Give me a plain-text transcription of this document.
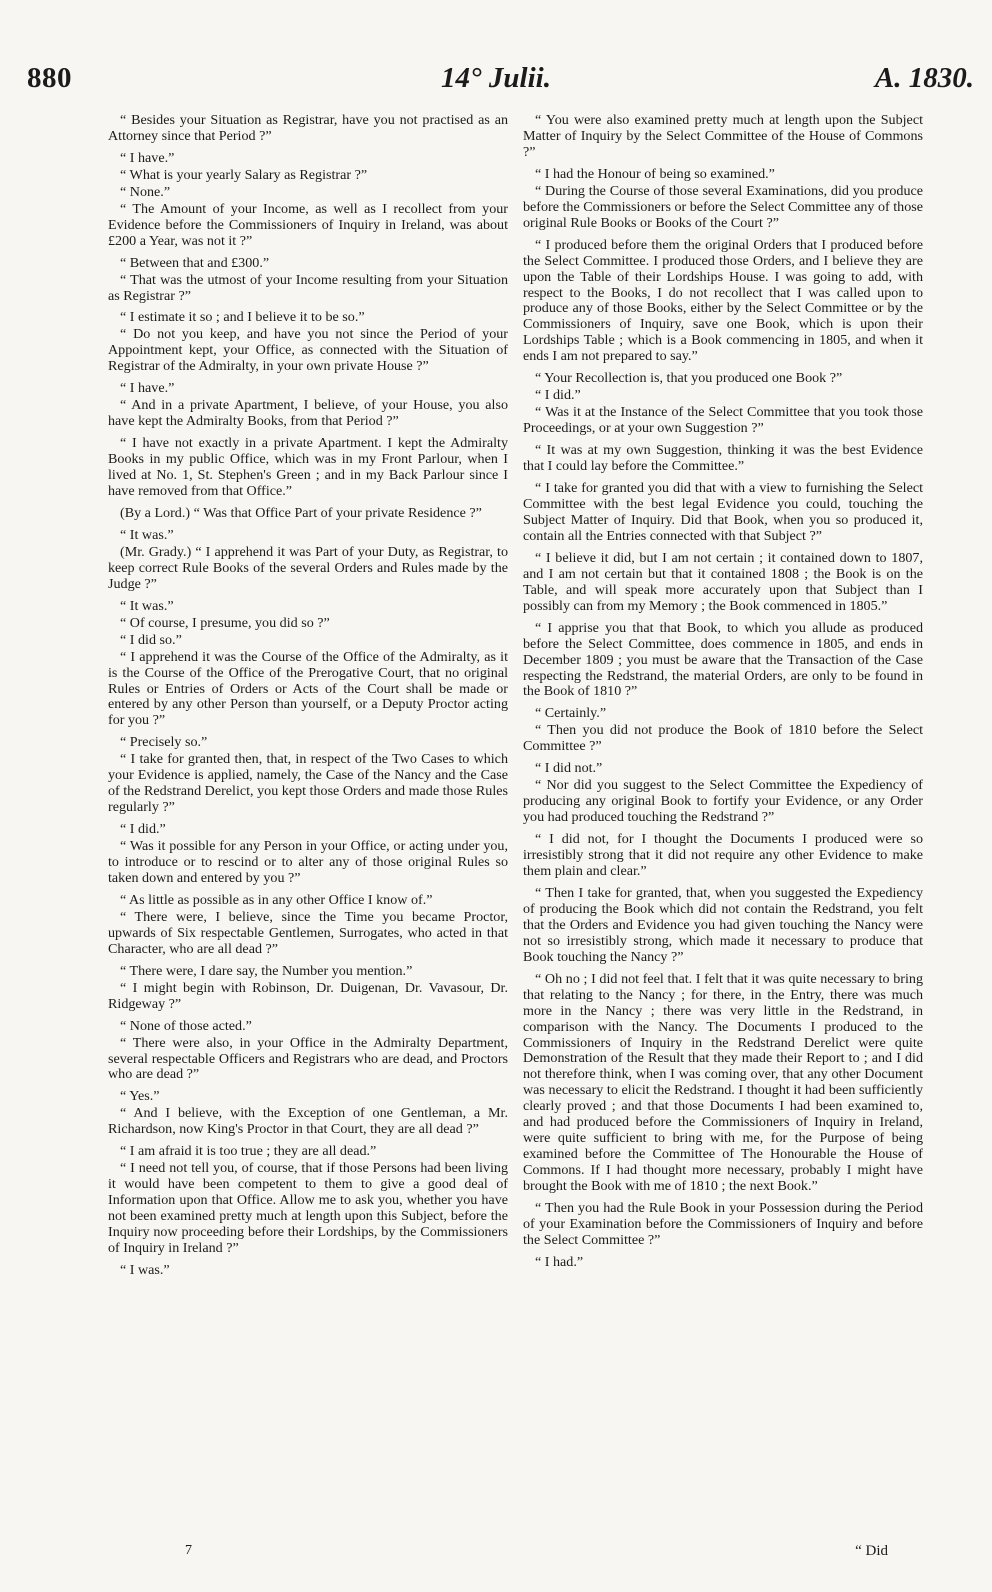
880	14° Julii.	A. 1830.

“ Besides your Situation as Registrar, have you not practised as an Attorney since that Period ?”

“ I have.”

“ What is your yearly Salary as Registrar ?”

“ None.”

“ The Amount of your Income, as well as I recollect from your Evidence before the Commissioners of Inquiry in Ireland, was about £200 a Year, was not it ?”

“ Between that and £300.”

“ That was the utmost of your Income resulting from your Situation as Registrar ?”

“ I estimate it so ; and I believe it to be so.”

“ Do not you keep, and have you not since the Period of your Appointment kept, your Office, as connected with the Situation of Registrar of the Admiralty, in your own private House ?”

“ I have.”

“ And in a private Apartment, I believe, of your House, you also have kept the Admiralty Books, from that Period ?”

“ I have not exactly in a private Apartment. I kept the Admiralty Books in my public Office, which was in my Front Parlour, when I lived at No. 1, St. Stephen's Green ; and in my Back Parlour since I have removed from that Office.”

(By a Lord.) “ Was that Office Part of your private Residence ?”

“ It was.”

(Mr. Grady.) “ I apprehend it was Part of your Duty, as Registrar, to keep correct Rule Books of the several Orders and Rules made by the Judge ?”

“ It was.”

“ Of course, I presume, you did so ?”

“ I did so.”

“ I apprehend it was the Course of the Office of the Admiralty, as it is the Course of the Office of the Prerogative Court, that no original Rules or Entries of Orders or Acts of the Court shall be made or entered by any other Person than yourself, or a Deputy Proctor acting for you ?”

“ Precisely so.”

“ I take for granted then, that, in respect of the Two Cases to which your Evidence is applied, namely, the Case of the Nancy and the Case of the Redstrand Derelict, you kept those Orders and made those Rules regularly ?”

“ I did.”

“ Was it possible for any Person in your Office, or acting under you, to introduce or to rescind or to alter any of those original Rules so taken down and entered by you ?”

“ As little as possible as in any other Office I know of.”

“ There were, I believe, since the Time you became Proctor, upwards of Six respectable Gentlemen, Surrogates, who acted in that Character, who are all dead ?”

“ There were, I dare say, the Number you mention.”

“ I might begin with Robinson, Dr. Duigenan, Dr. Vavasour, Dr. Ridgeway ?”

“ None of those acted.”

“ There were also, in your Office in the Admiralty Department, several respectable Officers and Registrars who are dead, and Proctors who are dead ?”

“ Yes.”

“ And I believe, with the Exception of one Gentleman, a Mr. Richardson, now King's Proctor in that Court, they are all dead ?”

“ I am afraid it is too true ; they are all dead.”

“ I need not tell you, of course, that if those Persons had been living it would have been competent to them to give a good deal of Information upon that Office. Allow me to ask you, whether you have not been examined pretty much at length upon this Subject, before the Inquiry now proceeding before their Lordships, by the Commissioners of Inquiry in Ireland ?”

“ I was.”

“ You were also examined pretty much at length upon the Subject Matter of Inquiry by the Select Committee of the House of Commons ?”

“ I had the Honour of being so examined.”

“ During the Course of those several Examinations, did you produce before the Commissioners or before the Select Committee any of those original Rule Books or Books of the Court ?”

“ I produced before them the original Orders that I produced before the Select Committee. I produced those Orders, and I believe they are upon the Table of their Lordships House. I was going to add, with respect to the Books, I do not recollect that I was called upon to produce any of those Books, either by the Select Committee or by the Commissioners of Inquiry, save one Book, which is upon their Lordships Table ; which is a Book commencing in 1805, and when it ends I am not prepared to say.”

“ Your Recollection is, that you produced one Book ?”

“ I did.”

“ Was it at the Instance of the Select Committee that you took those Proceedings, or at your own Suggestion ?”

“ It was at my own Suggestion, thinking it was the best Evidence that I could lay before the Committee.”

“ I take for granted you did that with a view to furnishing the Select Committee with the best legal Evidence you could, touching the Subject Matter of Inquiry. Did that Book, when you so produced it, contain all the Entries connected with that Subject ?”

“ I believe it did, but I am not certain ; it contained down to 1807, and I am not certain but that it contained 1808 ; the Book is on the Table, and will speak more accurately upon that Subject than I possibly can from my Memory ; the Book commenced in 1805.”

“ I apprise you that that Book, to which you allude as produced before the Select Committee, does commence in 1805, and ends in December 1809 ; you must be aware that the Transaction of the Case respecting the Redstrand, the material Orders, are only to be found in the Book of 1810 ?”

“ Certainly.”

“ Then you did not produce the Book of 1810 before the Select Committee ?”

“ I did not.”

“ Nor did you suggest to the Select Committee the Expediency of producing any original Book to fortify your Evidence, or any Order you had produced touching the Redstrand ?”

“ I did not, for I thought the Documents I produced were so irresistibly strong that it did not require any other Evidence to make them plain and clear.”

“ Then I take for granted, that, when you suggested the Expediency of producing the Book which did not contain the Redstrand, you felt that the Orders and Evidence you had given touching the Nancy were not so irresistibly strong, which made it necessary to produce that Book touching the Nancy ?”

“ Oh no ; I did not feel that. I felt that it was quite necessary to bring that relating to the Nancy ; for there, in the Entry, there was much more in the Nancy ; there was very little in the Redstrand, in comparison with the Nancy. The Documents I produced to the Commissioners of Inquiry in the Redstrand Derelict were quite Demonstration of the Result that they made their Report to ; and I did not therefore think, when I was coming over, that any other Document was necessary to elicit the Redstrand. I thought it had been sufficiently clearly proved ; and that those Documents I had been examined to, and had produced before the Commissioners of Inquiry in Ireland, were quite sufficient to bring with me, for the Purpose of being examined before the Committee of The Honourable the House of Commons. If I had thought more necessary, probably I might have brought the Book with me of 1810 ; the next Book.”

“ Then you had the Rule Book in your Possession during the Period of your Examination before the Commissioners of Inquiry and before the Select Committee ?”

“ I had.”

7	“ Did
